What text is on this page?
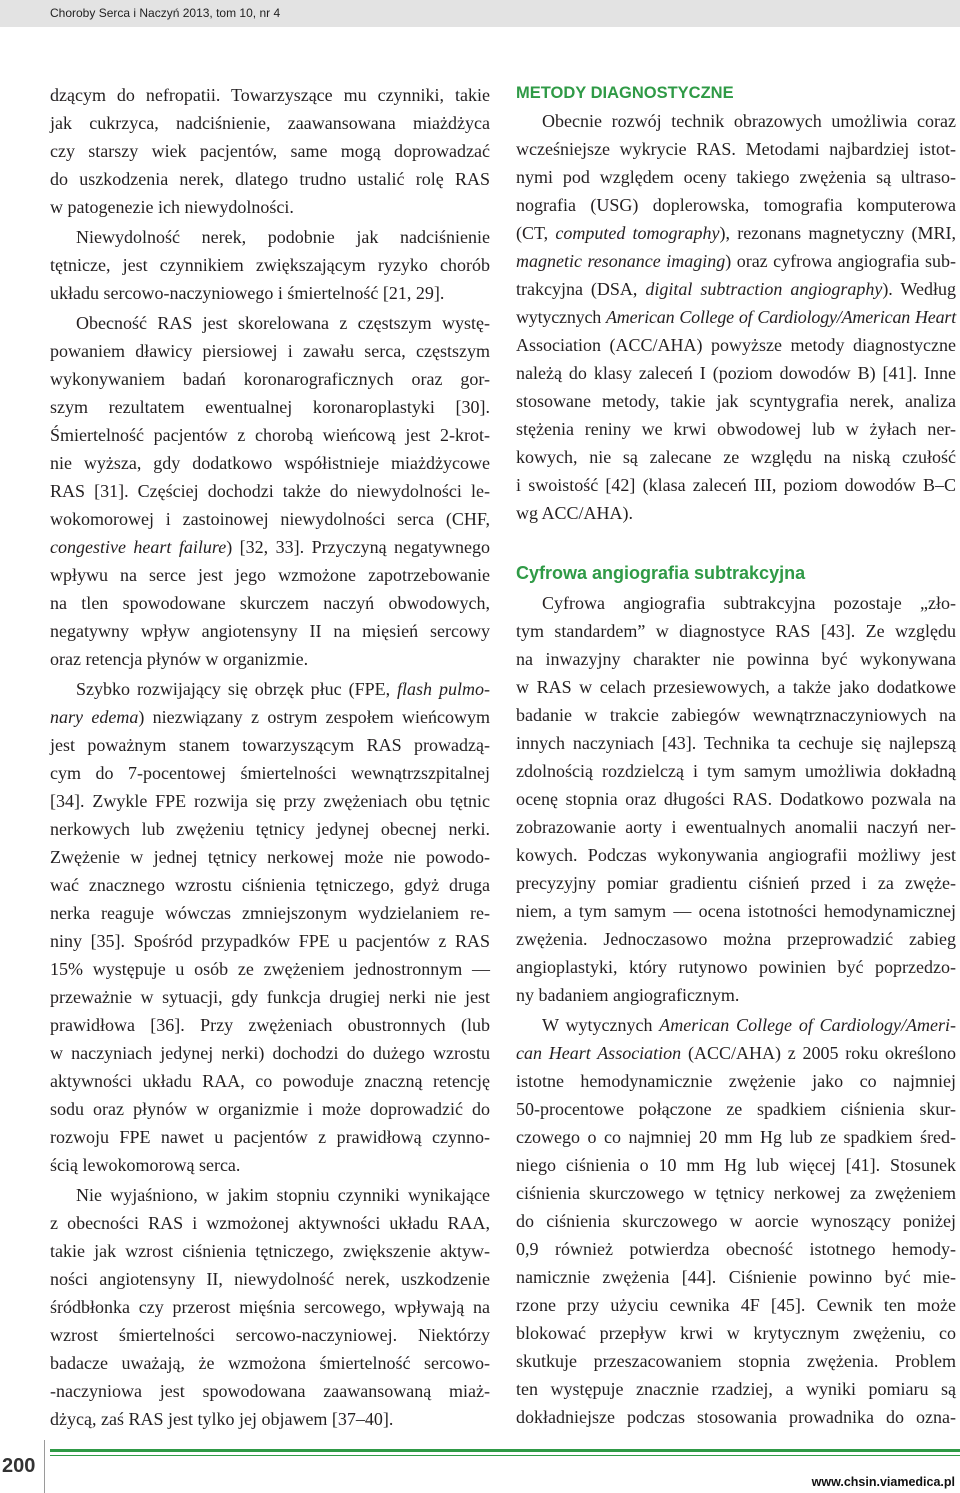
Choroby Serca i Naczyń 2013, tom 10, nr 4
dzącym do nefropatii. Towarzyszące mu czynniki, takie
jak cukrzyca, nadciśnienie, zaawansowana miażdżyca
czy starszy wiek pacjentów, same mogą doprowadzać
do uszkodzenia nerek, dlatego trudno ustalić rolę RAS
w patogenezie ich niewydolności.
Niewydolność nerek, podobnie jak nadciśnienie
tętnicze, jest czynnikiem zwiększającym ryzyko chorób
układu sercowo-naczyniowego i śmiertelność [21, 29].
Obecność RAS jest skorelowana z częstszym wystę-
powaniem dławicy piersiowej i zawału serca, częstszym
wykonywaniem badań koronarograficznych oraz gor-
szym rezultatem ewentualnej koronaroplastyki [30].
Śmiertelność pacjentów z chorobą wieńcową jest 2-krot-
nie wyższa, gdy dodatkowo współistnieje miażdżycowe
RAS [31]. Częściej dochodzi także do niewydolności le-
wokomorowej i zastoinowej niewydolności serca (CHF,
congestive heart failure) [32, 33]. Przyczyną negatywnego
wpływu na serce jest jego wzmożone zapotrzebowanie
na tlen spowodowane skurczem naczyń obwodowych,
negatywny wpływ angiotensyny II na mięsień sercowy
oraz retencja płynów w organizmie.
Szybko rozwijający się obrzęk płuc (FPE, flash pulmo-
nary edema) niezwiązany z ostrym zespołem wieńcowym
jest poważnym stanem towarzyszącym RAS prowadzą-
cym do 7-pocentowej śmiertelności wewnątrzszpitalnej
[34]. Zwykle FPE rozwija się przy zwężeniach obu tętnic
nerkowych lub zwężeniu tętnicy jedynej obecnej nerki.
Zwężenie w jednej tętnicy nerkowej może nie powodo-
wać znacznego wzrostu ciśnienia tętniczego, gdyż druga
nerka reaguje wówczas zmniejszonym wydzielaniem re-
niny [35]. Spośród przypadków FPE u pacjentów z RAS
15% występuje u osób ze zwężeniem jednostronnym —
przeważnie w sytuacji, gdy funkcja drugiej nerki nie jest
prawidłowa [36]. Przy zwężeniach obustronnych (lub
w naczyniach jedynej nerki) dochodzi do dużego wzrostu
aktywności układu RAA, co powoduje znaczną retencję
sodu oraz płynów w organizmie i może doprowadzić do
rozwoju FPE nawet u pacjentów z prawidłową czynno-
ścią lewokomorową serca.
Nie wyjaśniono, w jakim stopniu czynniki wynikające
z obecności RAS i wzmożonej aktywności układu RAA,
takie jak wzrost ciśnienia tętniczego, zwiększenie aktyw-
ności angiotensyny II, niewydolność nerek, uszkodzenie
śródbłonka czy przerost mięśnia sercowego, wpływają na
wzrost śmiertelności sercowo-naczyniowej. Niektórzy
badacze uważają, że wzmożona śmiertelność sercowo-
-naczyniowa jest spowodowana zaawansowaną miaż-
dżycą, zaś RAS jest tylko jej objawem [37–40].
METODY DIAGNOSTYCZNE
Obecnie rozwój technik obrazowych umożliwia coraz
wcześniejsze wykrycie RAS. Metodami najbardziej istot-
nymi pod względem oceny takiego zwężenia są ultraso-
nografia (USG) doplerowska, tomografia komputerowa
(CT, computed tomography), rezonans magnetyczny (MRI,
magnetic resonance imaging) oraz cyfrowa angiografia sub-
trakcyjna (DSA, digital subtraction angiography). Według
wytycznych American College of Cardiology/American Heart
Association (ACC/AHA) powyższe metody diagnostyczne
należą do klasy zaleceń I (poziom dowodów B) [41]. Inne
stosowane metody, takie jak scyntygrafia nerek, analiza
stężenia reniny we krwi obwodowej lub w żyłach ner-
kowych, nie są zalecane ze względu na niską czułość
i swoistość [42] (klasa zaleceń III, poziom dowodów B–C
wg ACC/AHA).
Cyfrowa angiografia subtrakcyjna
Cyfrowa angiografia subtrakcyjna pozostaje „zło-
tym standardem” w diagnostyce RAS [43]. Ze względu
na inwazyjny charakter nie powinna być wykonywana
w RAS w celach przesiewowych, a także jako dodatkowe
badanie w trakcie zabiegów wewnątrznaczyniowych na
innych naczyniach [43]. Technika ta cechuje się najlepszą
zdolnością rozdzielczą i tym samym umożliwia dokładną
ocenę stopnia oraz długości RAS. Dodatkowo pozwala na
zobrazowanie aorty i ewentualnych anomalii naczyń ner-
kowych. Podczas wykonywania angiografii możliwy jest
precyzyjny pomiar gradientu ciśnień przed i za zwęże-
niem, a tym samym — ocena istotności hemodynamicznej
zwężenia. Jednoczasowo można przeprowadzić zabieg
angioplastyki, który rutynowo powinien być poprzedzo-
ny badaniem angiograficznym.
W wytycznych American College of Cardiology/Ameri-
can Heart Association (ACC/AHA) z 2005 roku określono
istotne hemodynamicznie zwężenie jako co najmniej
50-procentowe połączone ze spadkiem ciśnienia skur-
czowego o co najmniej 20 mm Hg lub ze spadkiem śred-
niego ciśnienia o 10 mm Hg lub więcej [41]. Stosunek
ciśnienia skurczowego w tętnicy nerkowej za zwężeniem
do ciśnienia skurczowego w aorcie wynoszący poniżej
0,9 również potwierdza obecność istotnego hemody-
namicznie zwężenia [44]. Ciśnienie powinno być mie-
rzone przy użyciu cewnika 4F [45]. Cewnik ten może
blokować przepływ krwi w krytycznym zwężeniu, co
skutkuje przeszacowaniem stopnia zwężenia. Problem
ten występuje znacznie rzadziej, a wyniki pomiaru są
dokładniejsze podczas stosowania prowadnika do ozna-
200
www.chsin.viamedica.pl
